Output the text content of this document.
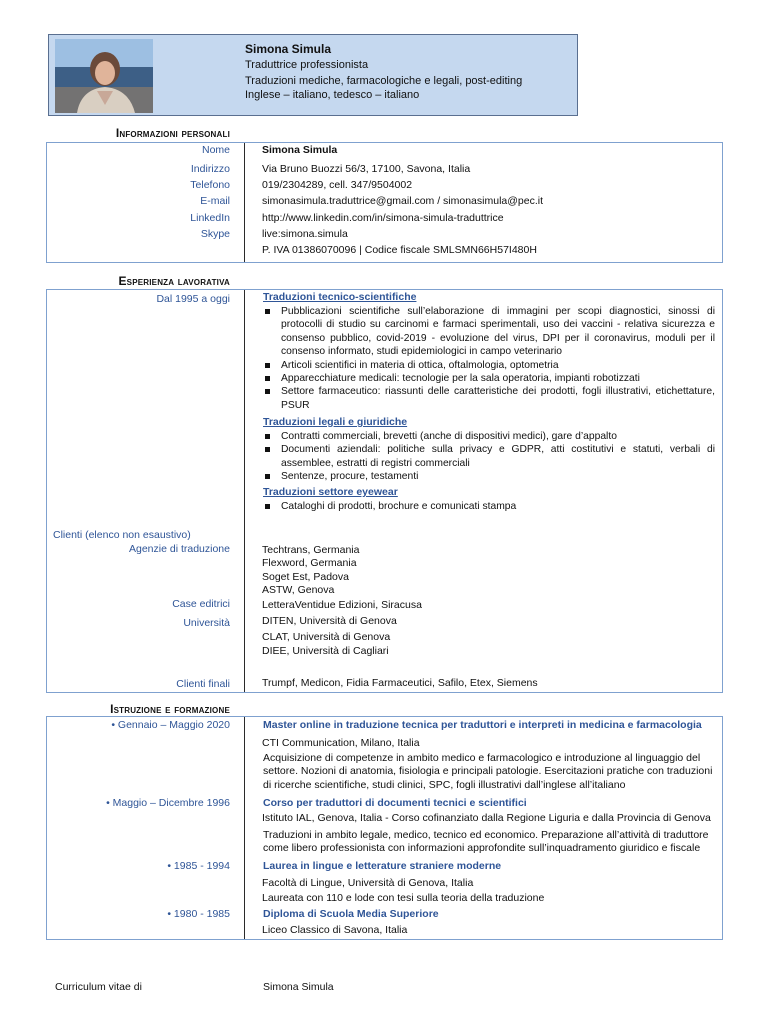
Simona Simula
Traduttrice professionista
Traduzioni mediche, farmacologiche e legali, post-editing
Inglese – italiano, tedesco – italiano
Informazioni personali
Nome	Simona Simula
Indirizzo	Via Bruno Buozzi 56/3, 17100, Savona, Italia
Telefono	019/2304289, cell. 347/9504002
E-mail	simonasimula.traduttrice@gmail.com / simonasimula@pec.it
LinkedIn	http://www.linkedin.com/in/simona-simula-traduttrice
Skype	live:simona.simula
P. IVA 01386070096 | Codice fiscale SMLSMN66H57I480H
Esperienza lavorativa
Dal 1995 a oggi	Traduzioni tecnico-scientifiche
Pubblicazioni scientifiche sull’elaborazione di immagini per scopi diagnostici, sinossi di protocolli di studio su carcinomi e farmaci sperimentali, uso dei vaccini - relativa sicurezza e consenso pubblico, covid-2019 - evoluzione del virus, DPI per il coronavirus, moduli per il consenso informato, studi epidemiologici in campo veterinario
Articoli scientifici in materia di ottica, oftalmologia, optometria
Apparecchiature medicali: tecnologie per la sala operatoria, impianti robotizzati
Settore farmaceutico: riassunti delle caratteristiche dei prodotti, fogli illustrativi, etichettature, PSUR
Traduzioni legali e giuridiche
Contratti commerciali, brevetti (anche di dispositivi medici), gare d’appalto
Documenti aziendali: politiche sulla privacy e GDPR, atti costitutivi e statuti, verbali di assemblee, estratti di registri commerciali
Sentenze, procure, testamenti
Traduzioni settore eyewear
Cataloghi di prodotti, brochure e comunicati stampa
Clienti (elenco non esaustivo)
Agenzie di traduzione	Techtrans, Germania
Flexword, Germania
Soget Est, Padova
ASTW, Genova
Case editrici	LetteraVentidue Edizioni, Siracusa
Università	DITEN, Università di Genova
CLAT, Università di Genova
DIEE, Università di Cagliari
Clienti finali	Trumpf, Medicon, Fidia Farmaceutici, Safilo, Etex, Siemens
Istruzione e formazione
• Gennaio – Maggio 2020	Master online in traduzione tecnica per traduttori e interpreti in medicina e farmacologia
CTI Communication, Milano, Italia
Acquisizione di competenze in ambito medico e farmacologico e introduzione al linguaggio del settore. Nozioni di anatomia, fisiologia e principali patologie. Esercitazioni pratiche con traduzioni di ricerche scientifiche, studi clinici, SPC, fogli illustrativi dall’inglese all’italiano
• Maggio – Dicembre 1996	Corso per traduttori di documenti tecnici e scientifici
Istituto IAL, Genova, Italia - Corso cofinanziato dalla Regione Liguria e dalla Provincia di Genova
Traduzioni in ambito legale, medico, tecnico ed economico. Preparazione all’attività di traduttore come libero professionista con informazioni approfondite sull’inquadramento giuridico e fiscale
• 1985 - 1994	Laurea in lingue e letterature straniere moderne
Facoltà di Lingue, Università di Genova, Italia
Laureata con 110 e lode con tesi sulla teoria della traduzione
• 1980 - 1985	Diploma di Scuola Media Superiore
Liceo Classico di Savona, Italia
Curriculum vitae di	Simona Simula
